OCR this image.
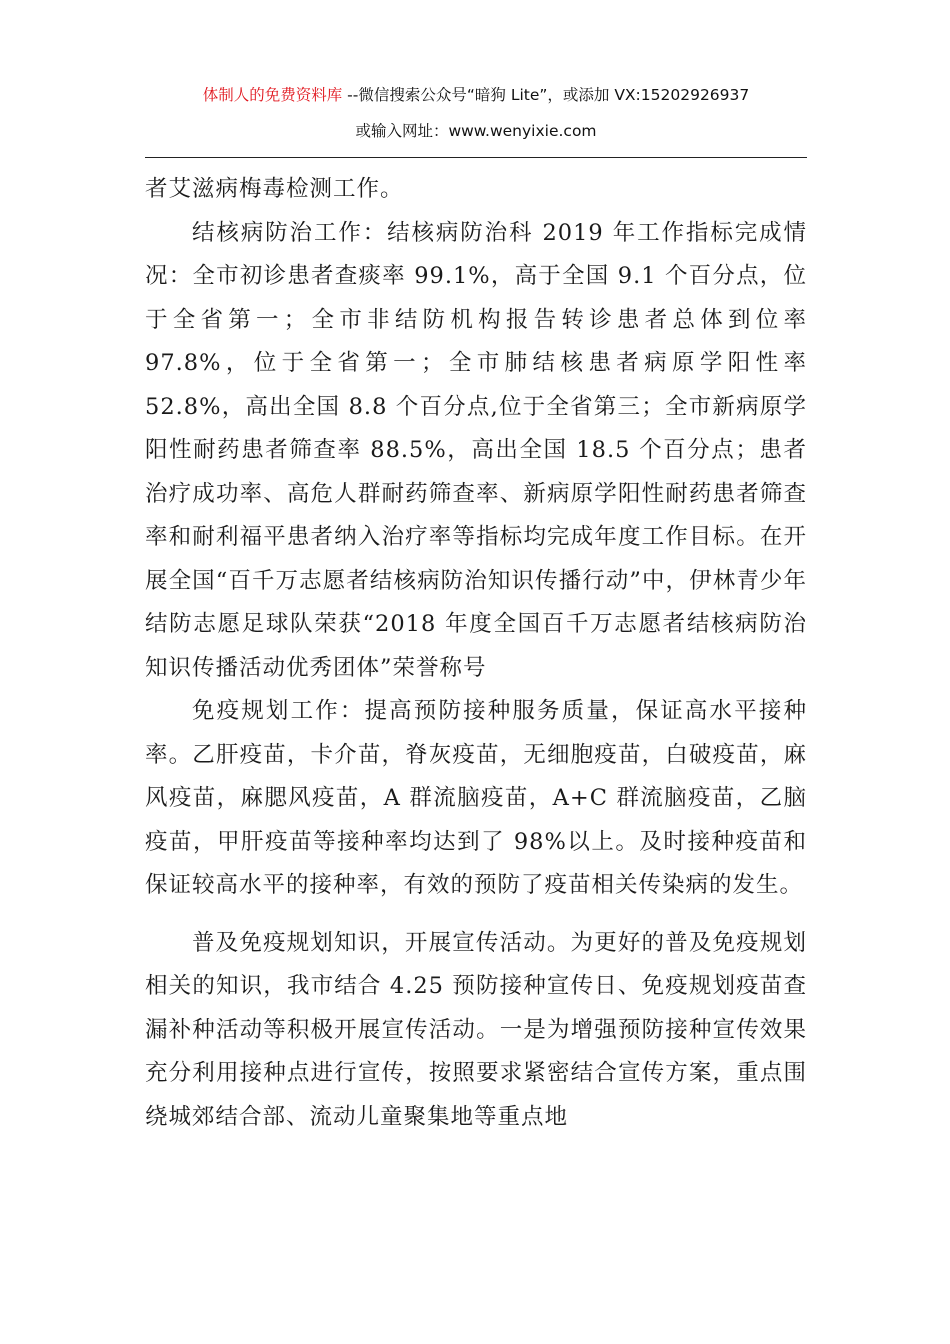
体制人的免费资料库 --微信搜索公众号“暗狗 Lite”，或添加 VX:15202926937
或输入网址：www.wenyixie.com

者艾滋病梅毒检测工作。

结核病防治工作：结核病防治科 2019 年工作指标完成情况：全市初诊患者查痰率 99.1%，高于全国 9.1 个百分点，位于全省第一；全市非结防机构报告转诊患者总体到位率 97.8%，位于全省第一；全市肺结核患者病原学阳性率 52.8%，高出全国 8.8 个百分点,位于全省第三；全市新病原学阳性耐药患者筛查率 88.5%，高出全国 18.5 个百分点；患者治疗成功率、高危人群耐药筛查率、新病原学阳性耐药患者筛查率和耐利福平患者纳入治疗率等指标均完成年度工作目标。在开展全国“百千万志愿者结核病防治知识传播行动”中，伊林青少年结防志愿足球队荣获“2018 年度全国百千万志愿者结核病防治知识传播活动优秀团体”荣誉称号

免疫规划工作：提高预防接种服务质量，保证高水平接种率。乙肝疫苗，卡介苗，脊灰疫苗，无细胞疫苗，白破疫苗，麻风疫苗，麻腮风疫苗，A 群流脑疫苗，A+C 群流脑疫苗，乙脑疫苗，甲肝疫苗等接种率均达到了 98%以上。及时接种疫苗和保证较高水平的接种率，有效的预防了疫苗相关传染病的发生。

普及免疫规划知识，开展宣传活动。为更好的普及免疫规划相关的知识，我市结合 4.25 预防接种宣传日、免疫规划疫苗查漏补种活动等积极开展宣传活动。一是为增强预防接种宣传效果充分利用接种点进行宣传，按照要求紧密结合宣传方案，重点围绕城郊结合部、流动儿童聚集地等重点地
